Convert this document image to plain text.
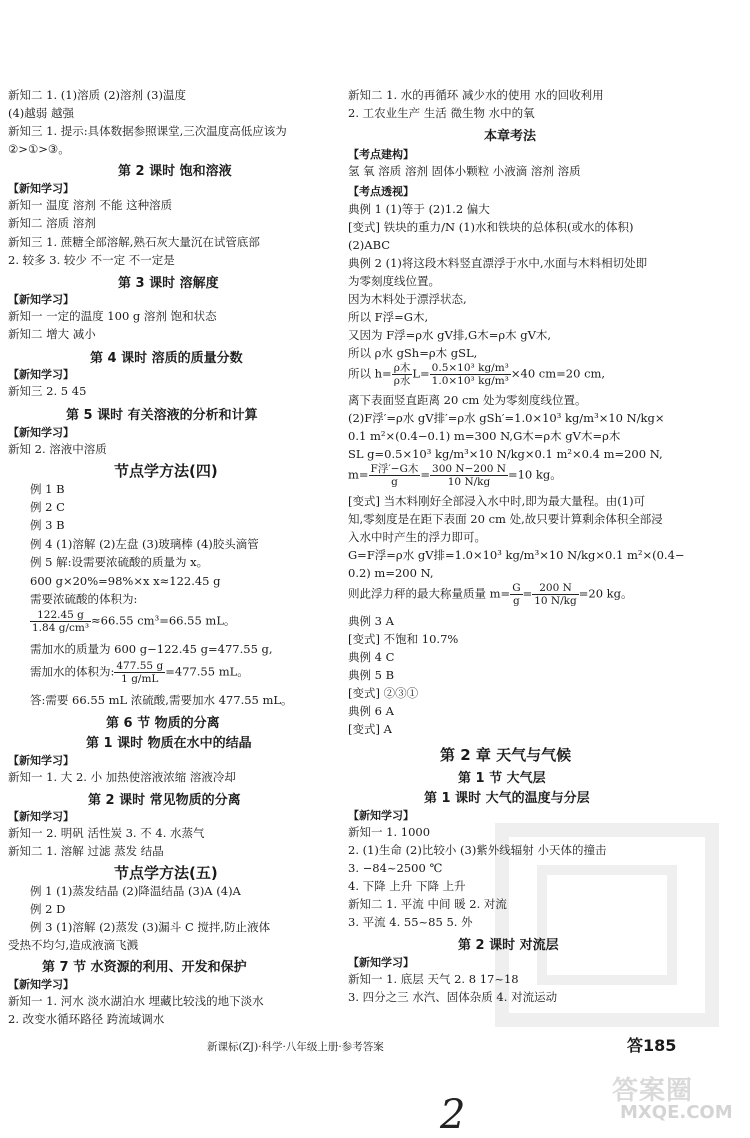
新知二 1. (1)溶质 (2)溶剂 (3)温度
(4)越弱 越强
新知三 1. 提示:具体数据参照课堂,三次温度高低应该为
②>①>③。
第 2 课时 饱和溶液
【新知学习】
新知一 温度 溶剂 不能 这种溶质
新知二 溶质 溶剂
新知三 1. 蔗糖全部溶解,熟石灰大量沉在试管底部
2. 较多 3. 较少 不一定 不一定是
第 3 课时 溶解度
【新知学习】
新知一 一定的温度 100 g 溶剂 饱和状态
新知二 增大 减小
第 4 课时 溶质的质量分数
【新知学习】
新知三 2. 5 45
第 5 课时 有关溶液的分析和计算
【新知学习】
新知 2. 溶液中溶质
节点学方法(四)
例 1 B
例 2 C
例 3 B
例 4 (1)溶解 (2)左盘 (3)玻璃棒 (4)胶头滴管
例 5 解:设需要浓硫酸的质量为 x。
600 g×20%=98%×x x≈122.45 g
需要浓硫酸的体积为:
$\frac{122.45 g}{\text{1.84 g/cm³}} \approx 66.55$ cm³=66.55 mL。
需加水的质量为 600 g−122.45 g=477.55 g,
需加水的体积为: $\frac{477.55 g}{1 g/mL} =477.55$ mL。
答:需要 66.55 mL 浓硫酸,需要加水 477.55 mL。
第 6 节 物质的分离
第 1 课时 物质在水中的结晶
【新知学习】
新知一 1. 大 2. 小 加热使溶液浓缩 溶液冷却
第 2 课时 常见物质的分离
【新知学习】
新知一 2. 明矾 活性炭 3. 不 4. 水蒸气
新知二 1. 溶解 过滤 蒸发 结晶
节点学方法(五)
例 1 (1)蒸发结晶 (2)降温结晶 (3)A (4)A
例 2 D
例 3 (1)溶解 (2)蒸发 (3)漏斗 C 搅拌,防止液体
受热不均匀,造成液滴飞溅
第 7 节 水资源的利用、开发和保护
【新知学习】
新知一 1. 河水 淡水湖泊水 埋藏比较浅的地下淡水
2. 改变水循环路径 跨流域调水
新知二 1. 水的再循环 减少水的使用 水的回收利用
2. 工农业生产 生活 微生物 水中的氧
本章考法
【考点建构】
氢 氧 溶质 溶剂 固体小颗粒 小液滴 溶剂 溶质
【考点透视】
典例 1 (1)等于 (2)1.2 偏大
[变式] 铁块的重力/N (1)水和铁块的总体积(或水的体积)
(2)ABC
典例 2 (1)将这段木料竖直漂浮于水中,水面与木料相切处即
为零刻度线位置。
因为木料处于漂浮状态,
所以 F浮=G木,
又因为 F浮=ρ水 gV排,G木=ρ木 gV木,
所以 ρ水 gSh=ρ木 gSL,
所以 $h= \frac{\text{ρ木}}{\text{ρ水}} L= \frac{\text{0.5×10³ kg/m³}}{\text{1.0×10³ kg/m³}} \times 40$ cm=20 cm,
离下表面竖直距离 20 cm 处为零刻度线位置。
(2)F浮′=ρ水 gV排′=ρ水 gSh′=1.0×10³ kg/m³×10 N/kg×
0.1 m²×(0.4−0.1) m=300 N,G木=ρ木 gV木=ρ木
SL g=0.5×10³ kg/m³×10 N/kg×0.1 m²×0.4 m=200 N,
$m= \frac{\text{F浮′−G木}}{g} = \frac{300 N-200 N}{10 N/kg} =10$ kg。
[变式] 当木料刚好全部浸入水中时,即为最大量程。由(1)可
知,零刻度是在距下表面 20 cm 处,故只要计算剩余体积全部浸
入水中时产生的浮力即可。
G=F浮=ρ水 gV排=1.0×10³ kg/m³×10 N/kg×0.1 m²×(0.4−
0.2) m=200 N,
则此浮力秤的最大称量质量 $m= \frac{G}{g} = \frac{200 N}{10 N/kg} =20$ kg。
典例 3 A
[变式] 不饱和 10.7%
典例 4 C
典例 5 B
[变式] ②③①
典例 6 A
[变式] A
第 2 章 天气与气候
第 1 节 大气层
第 1 课时 大气的温度与分层
【新知学习】
新知一 1. 1000
2. (1)生命 (2)比较小 (3)紫外线辐射 小天体的撞击
3. −84~2500 ℃
4. 下降 上升 下降 上升
新知二 1. 平流 中间 暖 2. 对流
3. 平流 4. 55~85 5. 外
第 2 课时 对流层
【新知学习】
新知一 1. 底层 天气 2. 8 17~18
3. 四分之三 水汽、固体杂质 4. 对流运动
新课标(ZJ)·科学·八年级上册·参考答案	答185
2
答案圈
MXQE.COM
